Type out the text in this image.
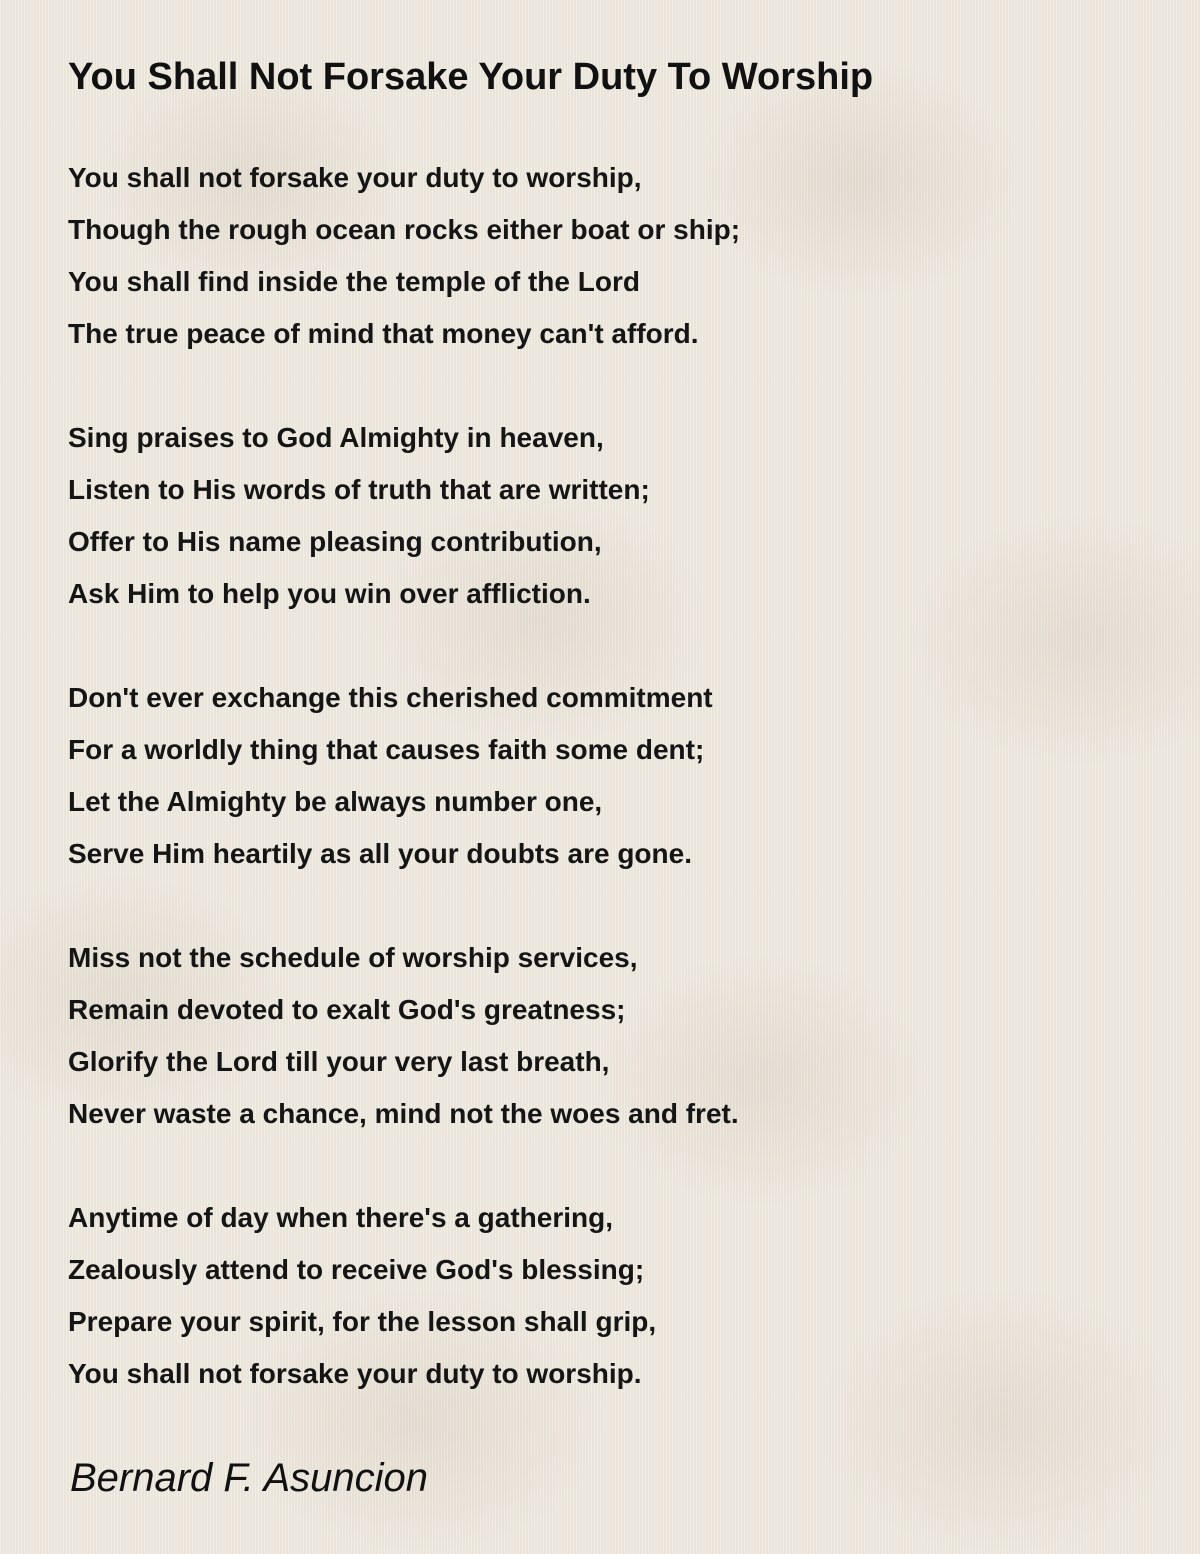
You Shall Not Forsake Your Duty To Worship
You shall not forsake your duty to worship,
Though the rough ocean rocks either boat or ship;
You shall find inside the temple of the Lord
The true peace of mind that money can't afford.
Sing praises to God Almighty in heaven,
Listen to His words of truth that are written;
Offer to His name pleasing contribution,
Ask Him to help you win over affliction.
Don't ever exchange this cherished commitment
For a worldly thing that causes faith some dent;
Let the Almighty be always number one,
Serve Him heartily as all your doubts are gone.
Miss not the schedule of worship services,
Remain devoted to exalt God's greatness;
Glorify the Lord till your very last breath,
Never waste a chance, mind not the woes and fret.
Anytime of day when there's a gathering,
Zealously attend to receive God's blessing;
Prepare your spirit, for the lesson shall grip,
You shall not forsake your duty to worship.
Bernard F. Asuncion
